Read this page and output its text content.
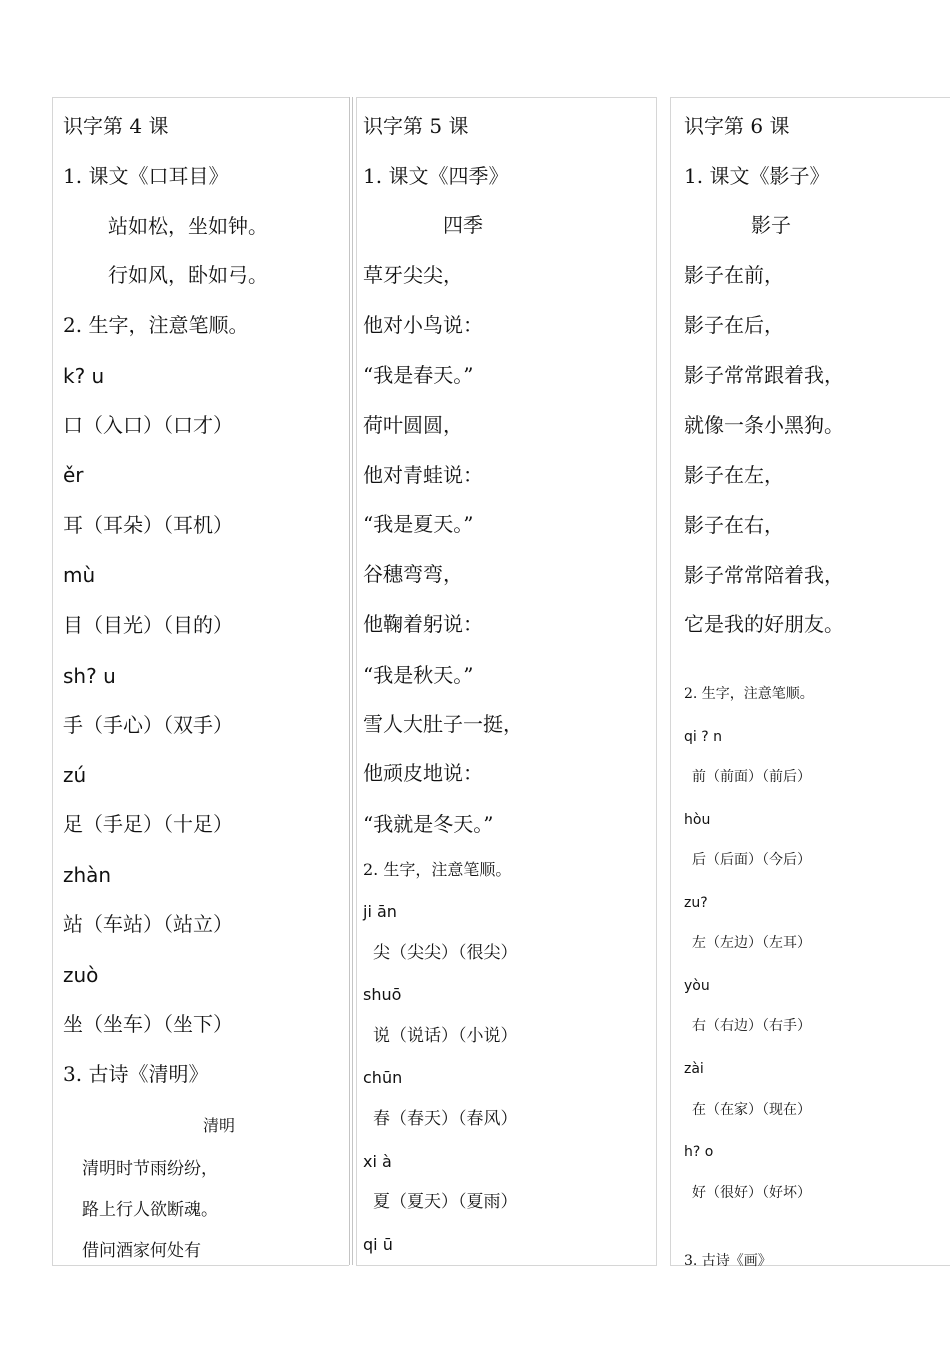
识字第 4 课
1. 课文《口耳目》
站如松，坐如钟。
行如风，卧如弓。
2. 生字，注意笔顺。
k? u
口（入口）（口才）
ěr
耳（耳朵）（耳机）
mù
目（目光）（目的）
sh? u
手（手心）（双手）
zú
足（手足）（十足）
zhàn
站（车站）（站立）
zuò
坐（坐车）（坐下）
3. 古诗《清明》
清明
清明时节雨纷纷，
路上行人欲断魂。
借问酒家何处有
识字第 5 课
1. 课文《四季》
四季
草牙尖尖，
他对小鸟说：
“我是春天。”
荷叶圆圆，
他对青蛙说：
“我是夏天。”
谷穗弯弯，
他鞠着躬说：
“我是秋天。”
雪人大肚子一挺，
他顽皮地说：
“我就是冬天。”
2. 生字，注意笔顺。
ji ān
尖（尖尖）（很尖）
shuō
说（说话）（小说）
chūn
春（春天）（春风）
xi à
夏（夏天）（夏雨）
qi ū
识字第 6 课
1. 课文《影子》
影子
影子在前，
影子在后，
影子常常跟着我，
就像一条小黑狗。
影子在左，
影子在右，
影子常常陪着我，
它是我的好朋友。
2. 生字，注意笔顺。
qi ? n
前（前面）（前后）
hòu
后（后面）（今后）
zu?
左（左边）（左耳）
yòu
右（右边）（右手）
zài
在（在家）（现在）
h? o
好（很好）（好坏）
3. 古诗《画》
